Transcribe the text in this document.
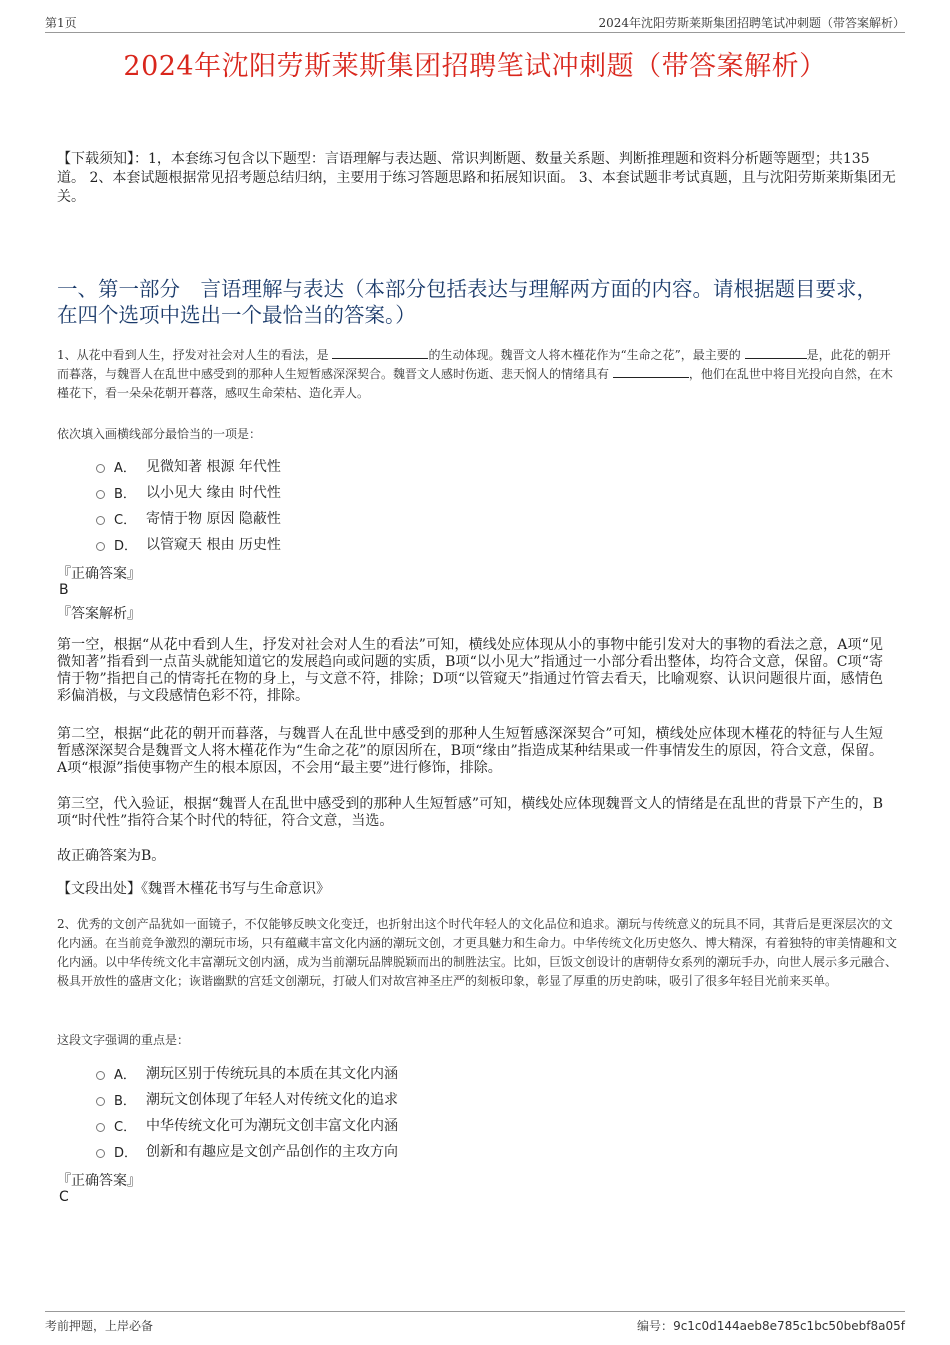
第1页	2024年沈阳劳斯莱斯集团招聘笔试冲刺题（带答案解析）
2024年沈阳劳斯莱斯集团招聘笔试冲刺题（带答案解析）
【下载须知】：1，本套练习包含以下题型：言语理解与表达题、常识判断题、数量关系题、判断推理题和资料分析题等题型；共135道。 2、本套试题根据常见招考题总结归纳，主要用于练习答题思路和拓展知识面。 3、本套试题非考试真题，且与沈阳劳斯莱斯集团无关。
一、第一部分　言语理解与表达（本部分包括表达与理解两方面的内容。请根据题目要求，在四个选项中选出一个最恰当的答案。）
1、从花中看到人生，抒发对社会对人生的看法，是	的生动体现。魏晋文人将木槿花作为“生命之花”，最主要的	是，此花的朝开而暮落，与魏晋人在乱世中感受到的那种人生短暂感深深契合。魏晋文人感时伤逝、悲天悯人的情绪具有	，他们在乱世中将目光投向自然，在木槿花下，看一朵朵花朝开暮落，感叹生命荣枯、造化弄人。
依次填入画横线部分最恰当的一项是：
A． 见微知著 根源 年代性
B． 以小见大 缘由 时代性
C． 寄情于物 原因 隐蔽性
D． 以管窥天 根由 历史性
『正确答案』
B
『答案解析』
第一空，根据“从花中看到人生，抒发对社会对人生的看法”可知，横线处应体现从小的事物中能引发对大的事物的看法之意，A项“见微知著”指看到一点苗头就能知道它的发展趋向或问题的实质，B项“以小见大”指通过一小部分看出整体，均符合文意，保留。C项“寄情于物”指把自己的情寄托在物的身上，与文意不符，排除；D项“以管窥天”指通过竹管去看天，比喻观察、认识问题很片面，感情色彩偏消极，与文段感情色彩不符，排除。
第二空，根据“此花的朝开而暮落，与魏晋人在乱世中感受到的那种人生短暂感深深契合”可知，横线处应体现木槿花的特征与人生短暂感深深契合是魏晋文人将木槿花作为“生命之花”的原因所在，B项“缘由”指造成某种结果或一件事情发生的原因，符合文意，保留。A项“根源”指使事物产生的根本原因，不会用“最主要”进行修饰，排除。
第三空，代入验证，根据“魏晋人在乱世中感受到的那种人生短暂感”可知，横线处应体现魏晋文人的情绪是在乱世的背景下产生的，B项“时代性”指符合某个时代的特征，符合文意，当选。
故正确答案为B。
【文段出处】《魏晋木槿花书写与生命意识》
2、优秀的文创产品犹如一面镜子，不仅能够反映文化变迁，也折射出这个时代年轻人的文化品位和追求。潮玩与传统意义的玩具不同，其背后是更深层次的文化内涵。在当前竞争激烈的潮玩市场，只有蕴藏丰富文化内涵的潮玩文创，才更具魅力和生命力。中华传统文化历史悠久、博大精深，有着独特的审美情趣和文化内涵。以中华传统文化丰富潮玩文创内涵，成为当前潮玩品牌脱颖而出的制胜法宝。比如，巨饭文创设计的唐朝侍女系列的潮玩手办，向世人展示多元融合、极具开放性的盛唐文化；诙谐幽默的宫廷文创潮玩，打破人们对故宫神圣庄严的刻板印象，彰显了厚重的历史韵味，吸引了很多年轻目光前来买单。
这段文字强调的重点是：
A． 潮玩区别于传统玩具的本质在其文化内涵
B． 潮玩文创体现了年轻人对传统文化的追求
C． 中华传统文化可为潮玩文创丰富文化内涵
D． 创新和有趣应是文创产品创作的主攻方向
『正确答案』
C
考前押题，上岸必备	编号：9c1c0d144aeb8e785c1bc50bebf8a05f
